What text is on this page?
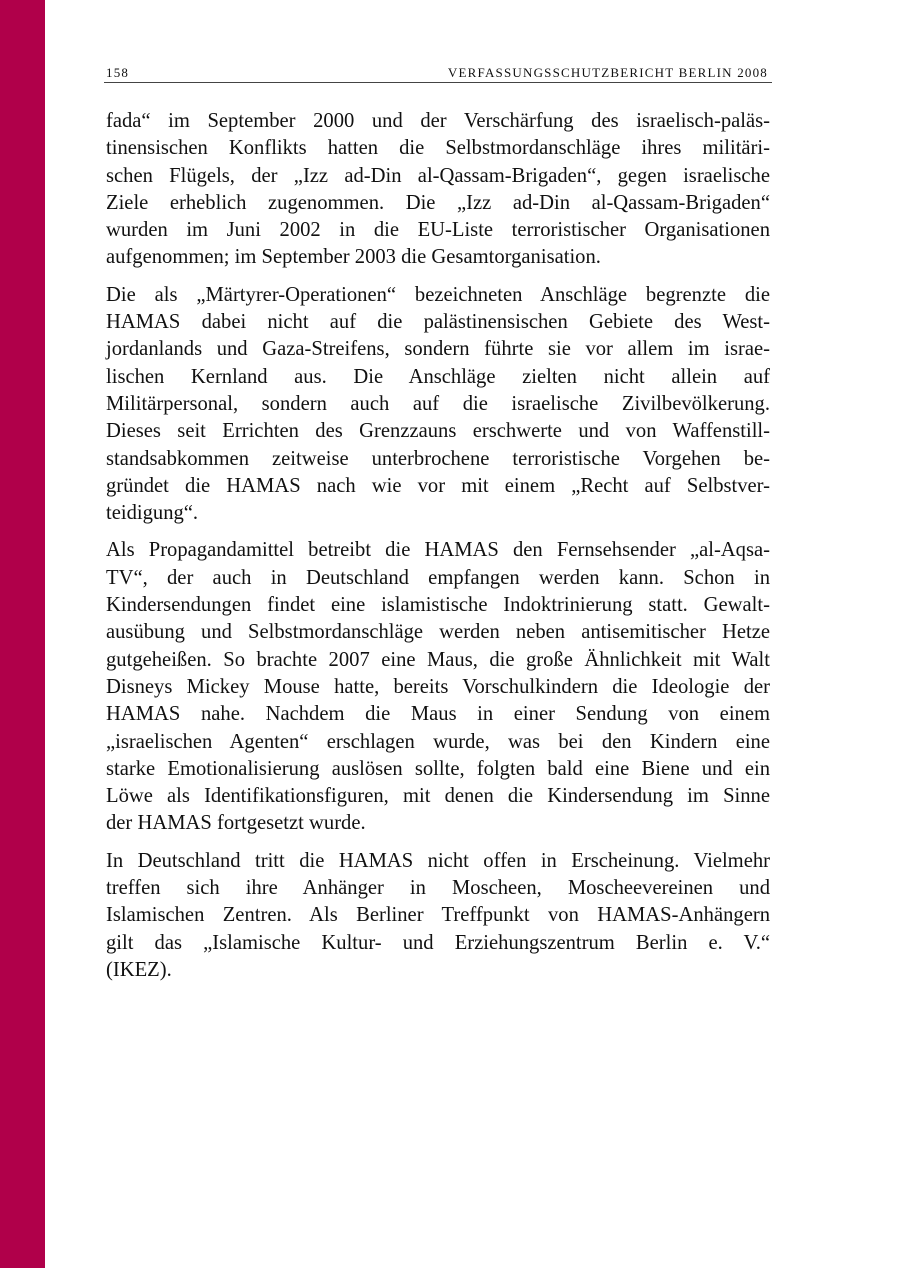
158	VERFASSUNGSSCHUTZBERICHT BERLIN 2008

fada“ im September 2000 und der Verschärfung des israelisch-paläs-
tinensischen Konflikts hatten die Selbstmordanschläge ihres militäri-
schen Flügels, der „Izz ad-Din al-Qassam-Brigaden“, gegen israelische
Ziele erheblich zugenommen. Die „Izz ad-Din al-Qassam-Brigaden“
wurden im Juni 2002 in die EU-Liste terroristischer Organisationen
aufgenommen; im September 2003 die Gesamtorganisation.

Die als „Märtyrer-Operationen“ bezeichneten Anschläge begrenzte die
HAMAS dabei nicht auf die palästinensischen Gebiete des West-
jordanlands und Gaza-Streifens, sondern führte sie vor allem im israe-
lischen Kernland aus. Die Anschläge zielten nicht allein auf
Militärpersonal, sondern auch auf die israelische Zivilbevölkerung.
Dieses seit Errichten des Grenzzauns erschwerte und von Waffenstill-
standsabkommen zeitweise unterbrochene terroristische Vorgehen be-
gründet die HAMAS nach wie vor mit einem „Recht auf Selbstver-
teidigung“.

Als Propagandamittel betreibt die HAMAS den Fernsehsender „al-Aqsa-
TV“, der auch in Deutschland empfangen werden kann. Schon in
Kindersendungen findet eine islamistische Indoktrinierung statt. Gewalt-
ausübung und Selbstmordanschläge werden neben antisemitischer Hetze
gutgeheißen. So brachte 2007 eine Maus, die große Ähnlichkeit mit Walt
Disneys Mickey Mouse hatte, bereits Vorschulkindern die Ideologie der
HAMAS nahe. Nachdem die Maus in einer Sendung von einem
„israelischen Agenten“ erschlagen wurde, was bei den Kindern eine
starke Emotionalisierung auslösen sollte, folgten bald eine Biene und ein
Löwe als Identifikationsfiguren, mit denen die Kindersendung im Sinne
der HAMAS fortgesetzt wurde.

In Deutschland tritt die HAMAS nicht offen in Erscheinung. Vielmehr
treffen sich ihre Anhänger in Moscheen, Moscheevereinen und
Islamischen Zentren. Als Berliner Treffpunkt von HAMAS-Anhängern
gilt das „Islamische Kultur- und Erziehungszentrum Berlin e. V.“
(IKEZ).
